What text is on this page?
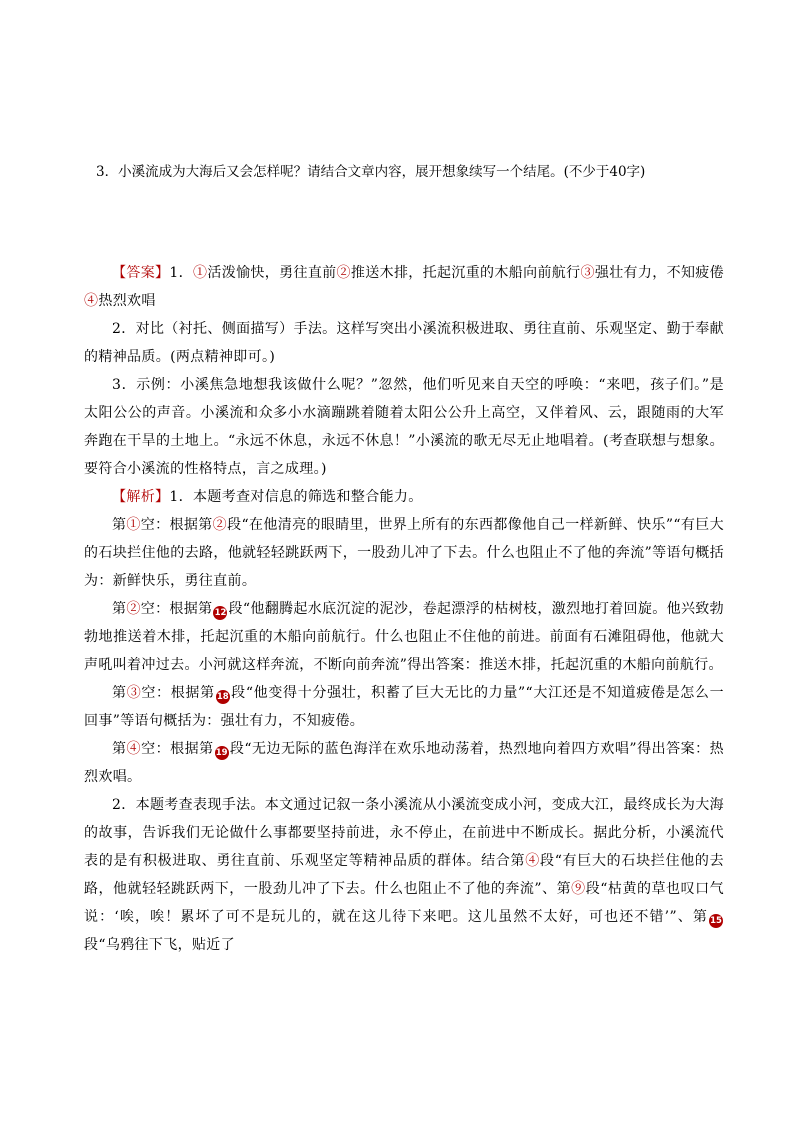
3．小溪流成为大海后又会怎样呢？请结合文章内容，展开想象续写一个结尾。(不少于40字)

【答案】1．①活泼愉快，勇往直前②推送木排，托起沉重的木船向前航行③强壮有力，不知疲倦④热烈欢唱

2．对比（衬托、侧面描写）手法。这样写突出小溪流积极进取、勇往直前、乐观坚定、勤于奉献的精神品质。(两点精神即可。)

3．示例：小溪焦急地想我该做什么呢？”忽然，他们听见来自天空的呼唤：“来吧，孩子们。”是太阳公公的声音。小溪流和众多小水滴蹦跳着随着太阳公公升上高空，又伴着风、云，跟随雨的大军奔跑在干旱的土地上。“永远不休息，永远不休息！”小溪流的歌无尽无止地唱着。(考查联想与想象。要符合小溪流的性格特点，言之成理。)

【解析】1．本题考查对信息的筛选和整合能力。

第①空：根据第②段“在他清亮的眼睛里，世界上所有的东西都像他自己一样新鲜、快乐”“有巨大的石块拦住他的去路，他就轻轻跳跃两下，一股劲儿冲了下去。什么也阻止不了他的奔流”等语句概括为：新鲜快乐，勇往直前。

第②空：根据第 12 段“他翻腾起水底沉淀的泥沙，卷起漂浮的枯树枝，激烈地打着回旋。他兴致勃勃地推送着木排，托起沉重的木船向前航行。什么也阻止不住他的前进。前面有石滩阻碍他，他就大声吼叫着冲过去。小河就这样奔流，不断向前奔流”得出答案：推送木排，托起沉重的木船向前航行。

第③空：根据第 18 段“他变得十分强壮，积蓄了巨大无比的力量”“大江还是不知道疲倦是怎么一回事”等语句概括为：强壮有力，不知疲倦。

第④空：根据第 19 段“无边无际的蓝色海洋在欢乐地动荡着，热烈地向着四方欢唱”得出答案：热烈欢唱。

2．本题考查表现手法。本文通过记叙一条小溪流从小溪流变成小河，变成大江，最终成长为大海的故事，告诉我们无论做什么事都要坚持前进，永不停止，在前进中不断成长。据此分析，小溪流代表的是有积极进取、勇往直前、乐观坚定等精神品质的群体。结合第④段“有巨大的石块拦住他的去路，他就轻轻跳跃两下，一股劲儿冲了下去。什么也阻止不了他的奔流”、第⑨段“枯黄的草也叹口气说：‘唉，唉！累坏了可不是玩儿的，就在这儿待下来吧。这儿虽然不太好，可也还不错’”、第 15段“乌鸦往下飞，贴近了
